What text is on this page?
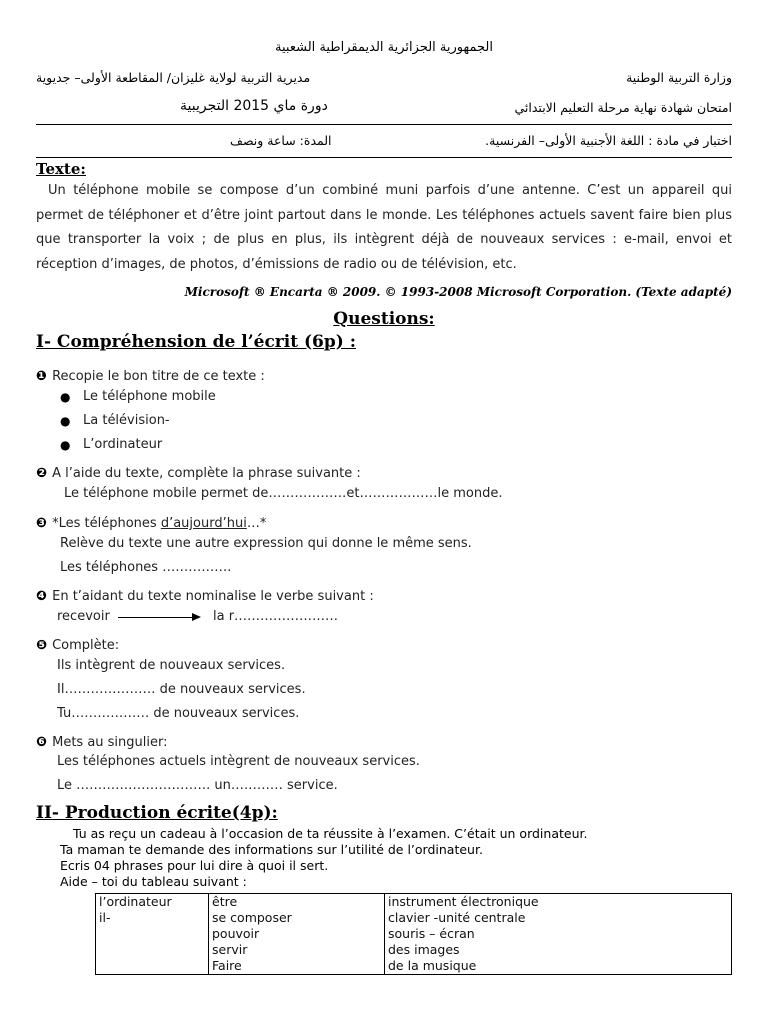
الجمهورية الجزائرية الديمقراطية الشعبية
وزارة التربية الوطنية
مديرية التربية لولاية غليزان/ المقاطعة الأولى– جديوية
امتحان شهادة نهاية مرحلة التعليم الابتدائي
دورة ماي 2015 التجريبية
اختبار في مادة : اللغة الأجنبية الأولى– الفرنسية.
المدة: ساعة ونصف
Texte:
Un téléphone mobile se compose d’un combiné muni parfois d’une antenne. C’est un appareil qui permet de téléphoner et d’être joint partout dans le monde. Les téléphones actuels savent faire bien plus que transporter la voix ; de plus en plus, ils intègrent déjà de nouveaux services : e-mail, envoi et réception d’images, de photos, d’émissions de radio ou de télévision, etc.
Microsoft ® Encarta ® 2009. © 1993-2008 Microsoft Corporation. (Texte adapté)
Questions:
I- Compréhension de l’écrit (6p) :
❶ Recopie le bon titre de ce texte :
● Le téléphone mobile
● La télévision-
● L’ordinateur
❷ A l’aide du texte, complète la phrase suivante :
Le téléphone mobile permet de………………et………………le monde.
❸ *Les téléphones d’aujourd’hui…*
Relève du texte une autre expression qui donne le même sens.
Les téléphones …………….
❹ En t’aidant du texte nominalise le verbe suivant :
recevoir	la r……………………
❺ Complète:
Ils intègrent de nouveaux services.
Il………………… de nouveaux services.
Tu……………… de nouveaux services.
❻ Mets au singulier:
Les téléphones actuels intègrent de nouveaux services.
Le …………………………. un………… service.
II- Production écrite(4p):
Tu as reçu un cadeau à l’occasion de ta réussite à l’examen. C’était un ordinateur.
Ta maman te demande des informations sur l’utilité de l’ordinateur.
Ecris 04 phrases pour lui dire à quoi il sert.
Aide – toi du tableau suivant :
l’ordinateur
il-

être
se composer
pouvoir
servir
Faire

instrument électronique
clavier -unité centrale
souris – écran
des images
de la musique
